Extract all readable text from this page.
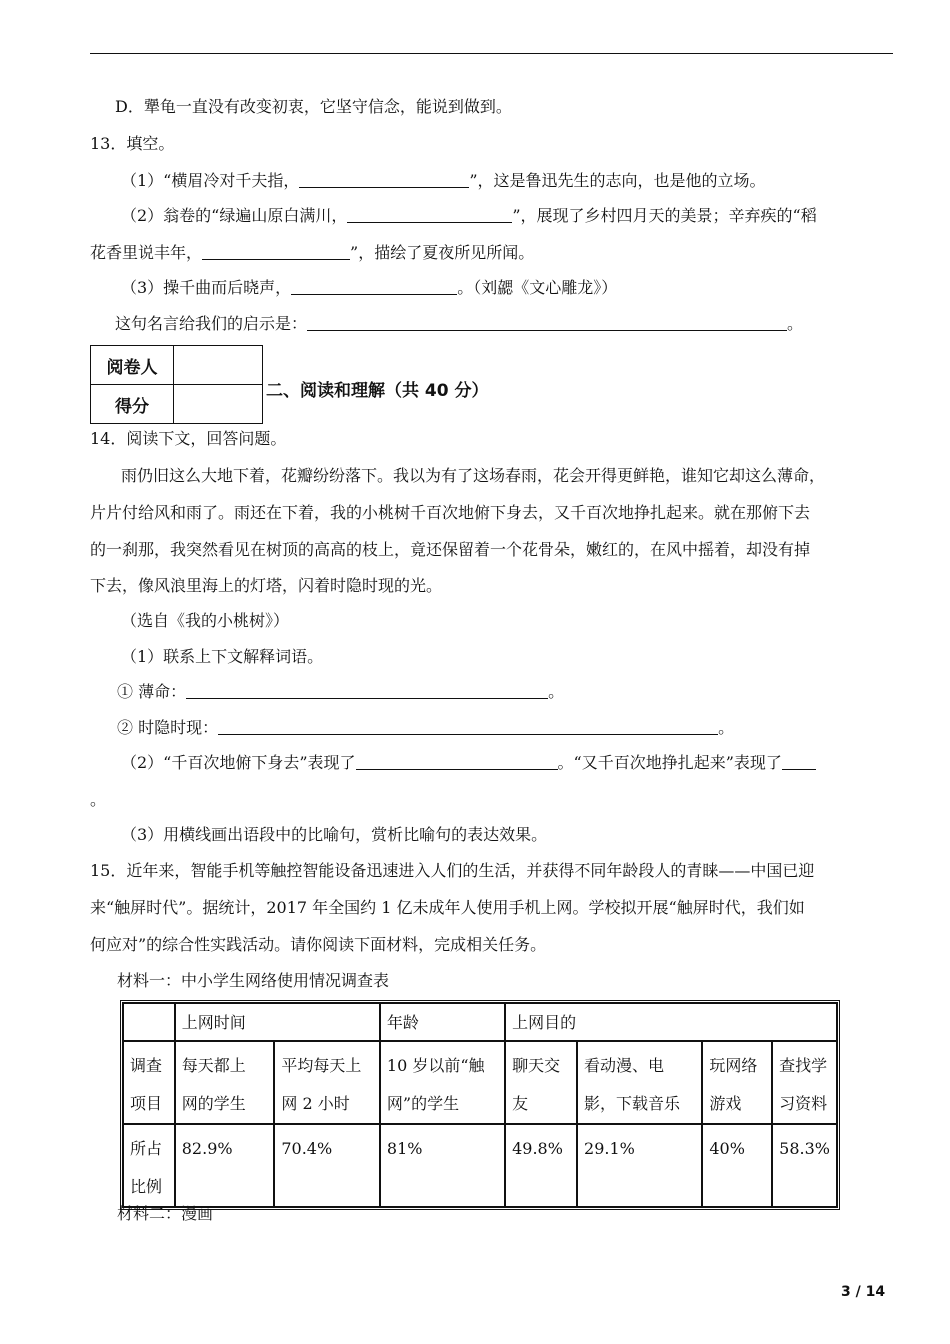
D．犟龟一直没有改变初衷，它坚守信念，能说到做到。
13．填空。
（1）“横眉冷对千夫指，	”，这是鲁迅先生的志向，也是他的立场。
（2）翁卷的“绿遍山原白满川，	”，展现了乡村四月天的美景；辛弃疾的“稻
花香里说丰年，	”，描绘了夏夜所见所闻。
（3）操千曲而后晓声，	。（刘勰《文心雕龙》）
这句名言给我们的启示是：	。
阅卷人	
得分	
二、阅读和理解（共 40 分）
14．阅读下文，回答问题。
雨仍旧这么大地下着，花瓣纷纷落下。我以为有了这场春雨，花会开得更鲜艳，谁知它却这么薄命，
片片付给风和雨了。雨还在下着，我的小桃树千百次地俯下身去，又千百次地挣扎起来。就在那俯下去
的一刹那，我突然看见在树顶的高高的枝上，竟还保留着一个花骨朵，嫩红的，在风中摇着，却没有掉
下去，像风浪里海上的灯塔，闪着时隐时现的光。
（选自《我的小桃树》）
（1）联系上下文解释词语。
① 薄命：	。
② 时隐时现：	。
（2）“千百次地俯下身去”表现了	。“又千百次地挣扎起来”表现了
。
（3）用横线画出语段中的比喻句，赏析比喻句的表达效果。
15．近年来，智能手机等触控智能设备迅速进入人们的生活，并获得不同年龄段人的青睐——中国已迎
来“触屏时代”。据统计，2017 年全国约 1 亿未成年人使用手机上网。学校拟开展“触屏时代，我们如
何应对”的综合性实践活动。请你阅读下面材料，完成相关任务。
材料一：中小学生网络使用情况调查表
	上网时间		年龄	上网目的			
调查
项目	每天都上
网的学生	平均每天上
网 2 小时	10 岁以前“触
网”的学生	聊天交
友	看动漫、电
影，下载音乐	玩网络
游戏	查找学
习资料
所占
比例	82.9%	70.4%	81%	49.8%	29.1%	40%	58.3%
材料二：漫画
3 / 14
